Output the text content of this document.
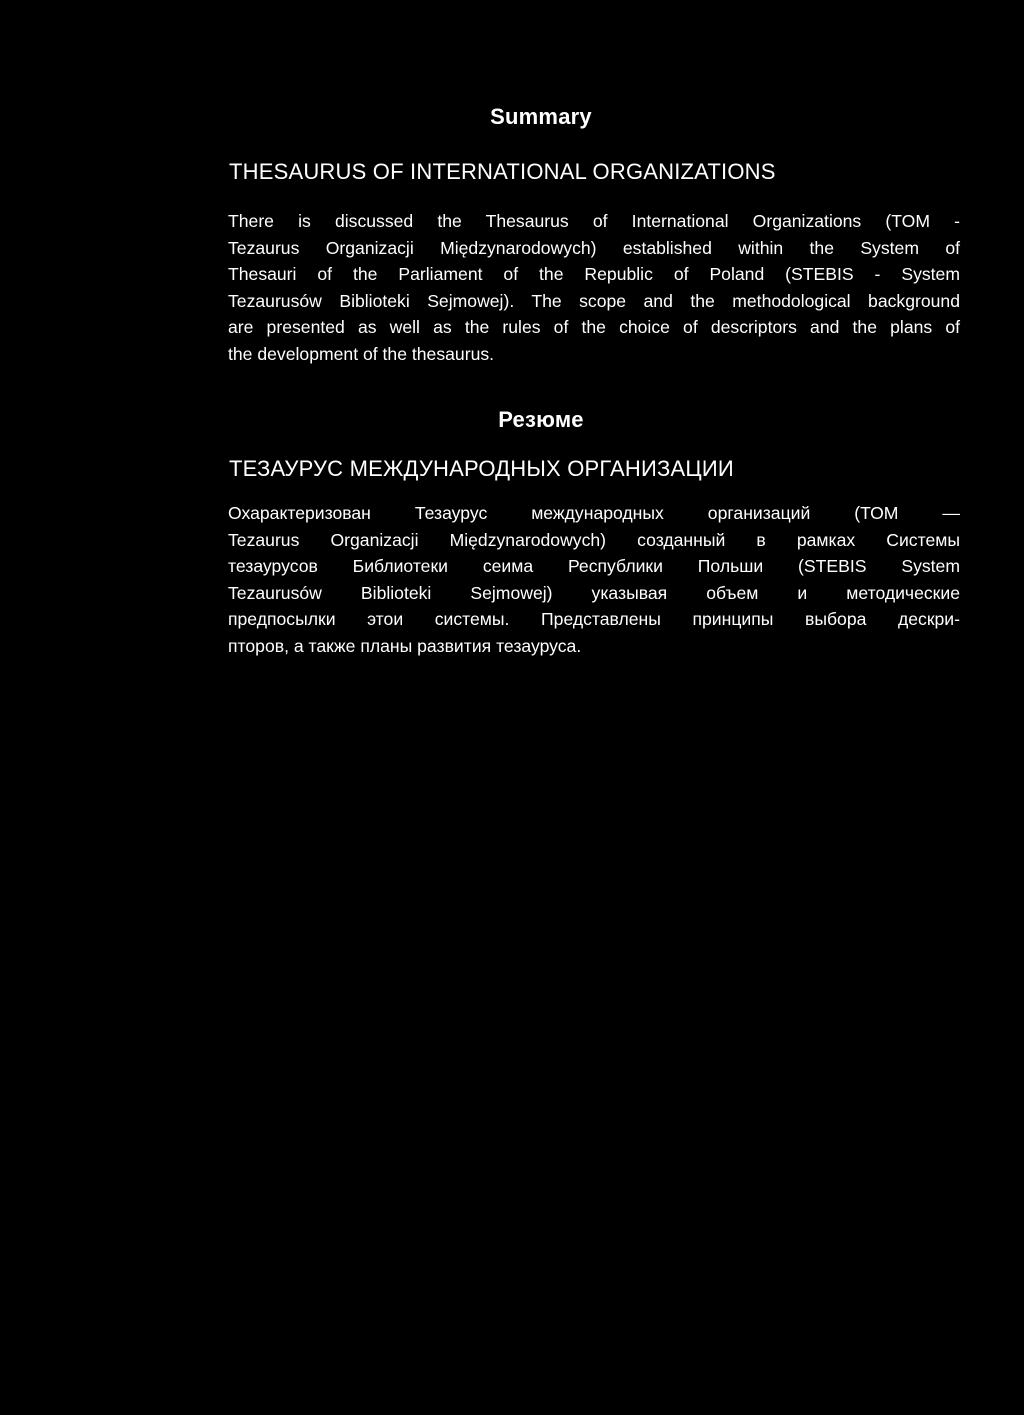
Summary
THESAURUS OF INTERNATIONAL ORGANIZATIONS
There is discussed the Thesaurus of International Organizations (TOM -
Tezaurus Organizacji Międzynarodowych) established within the System of
Thesauri of the Parliament of the Republic of Poland (STEBIS - System
Tezaurusów Biblioteki Sejmowej). The scope and the methodological background
are presented as well as the rules of the choice of descriptors and the plans of
the development of the thesaurus.
Резюме
ТЕЗАУРУС МЕЖДУНАРОДНЫХ ОРГАНИЗАЦИИ
Охарактеризован Тезаурус международных организаций (ТОМ —
Tezaurus Organizacji Międzynarodowych) созданный в рамках Системы
тезаурусов Библиотеки сеима Республики Польши (STEBIS System
Tezaurusów Biblioteki Sejmowej) указывая объем и методические
предпосылки этои системы. Представлены принципы выбора дескри-
пторов, а также планы развития тезауруса.
